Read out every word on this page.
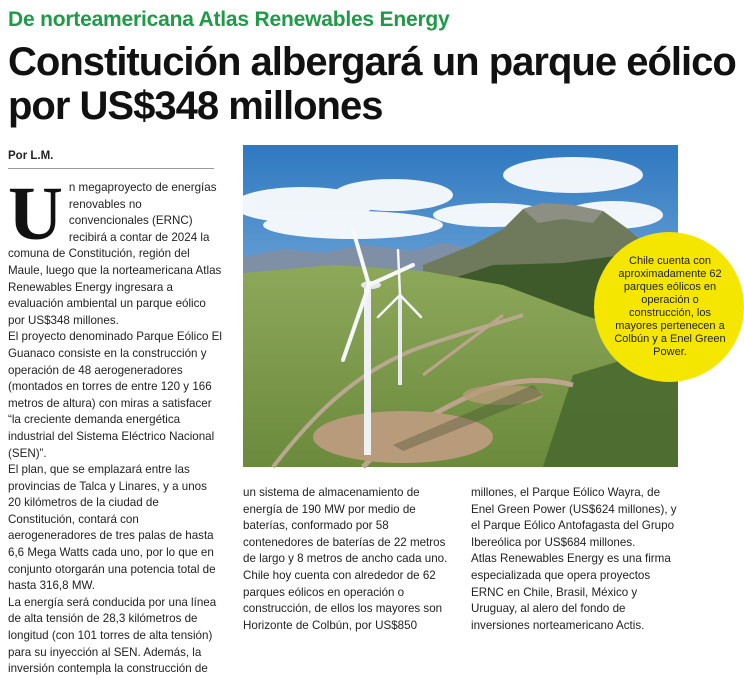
De norteamericana Atlas Renewables Energy
Constitución albergará un parque eólico por US$348 millones
Por L.M.

Un megaproyecto de energías renovables no convencionales (ERNC) recibirá a contar de 2024 la comuna de Constitución, región del Maule, luego que la norteamericana Atlas Renewables Energy ingresara a evaluación ambiental un parque eólico por US$348 millones.

El proyecto denominado Parque Eólico El Guanaco consiste en la construcción y operación de 48 aerogeneradores (montados en torres de entre 120 y 166 metros de altura) con miras a satisfacer “la creciente demanda energética industrial del Sistema Eléctrico Nacional (SEN)”.

El plan, que se emplazará entre las provincias de Talca y Linares, y a unos 20 kilómetros de la ciudad de Constitución, contará con aerogeneradores de tres palas de hasta 6,6 Mega Watts cada uno, por lo que en conjunto otorgarán una potencia total de hasta 316,8 MW.

La energía será conducida por una línea de alta tensión de 28,3 kilómetros de longitud (con 101 torres de alta tensión) para su inyección al SEN. Además, la inversión contempla la construcción de

Chile cuenta con aproximadamente 62 parques eólicos en operación o construcción, los mayores pertenecen a Colbún y a Enel Green Power.

un sistema de almacenamiento de energía de 190 MW por medio de baterías, conformado por 58 contenedores de baterías de 22 metros de largo y 8 metros de ancho cada uno.

Chile hoy cuenta con alrededor de 62 parques eólicos en operación o construcción, de ellos los mayores son Horizonte de Colbún, por US$850

millones, el Parque Eólico Wayra, de Enel Green Power (US$624 millones), y el Parque Eólico Antofagasta del Grupo Ibereólica por US$684 millones.

Atlas Renewables Energy es una firma especializada que opera proyectos ERNC en Chile, Brasil, México y Uruguay, al alero del fondo de inversiones norteamericano Actis.
